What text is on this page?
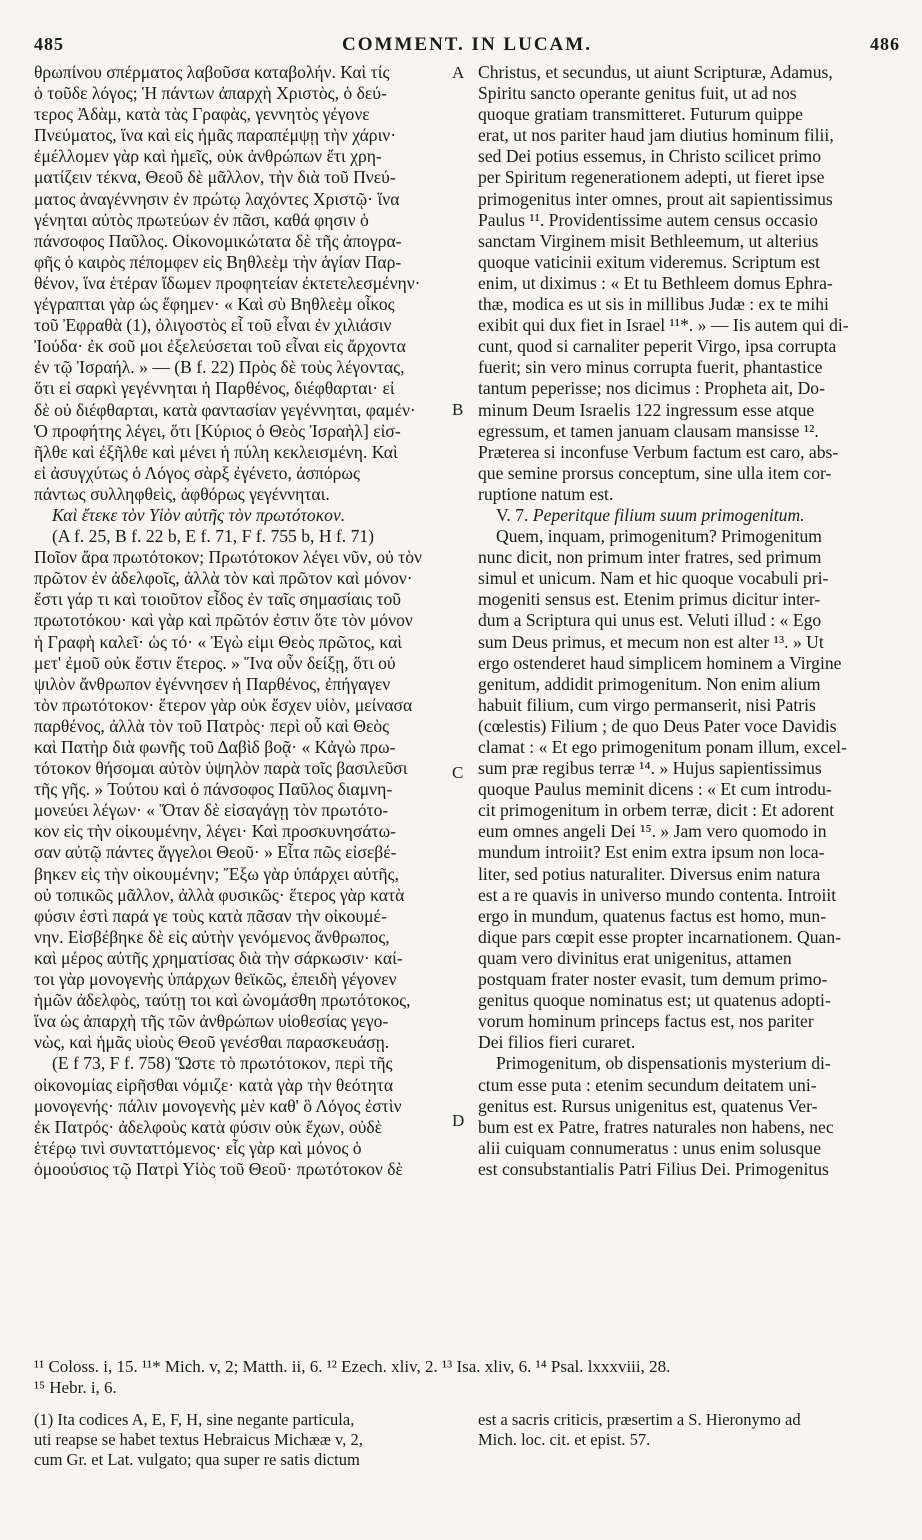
485	COMMENT. IN LUCAM.	486
θρωπίνου σπέρματος λαβοῦσα καταβολήν. Καὶ τίς
ὁ τοῦδε λόγος; Ἡ πάντων ἀπαρχὴ Χριστὸς, ὁ δεύ-
τερος Ἀδὰμ, κατὰ τὰς Γραφὰς, γεννητὸς γέγονε
Πνεύματος, ἵνα καὶ εἰς ἡμᾶς παραπέμψῃ τὴν χάριν·
ἐμέλλομεν γὰρ καὶ ἡμεῖς, οὐκ ἀνθρώπων ἔτι χρη-
ματίζειν τέκνα, Θεοῦ δὲ μᾶλλον, τὴν διὰ τοῦ Πνεύ-
ματος ἀναγέννησιν ἐν πρώτῳ λαχόντες Χριστῷ· ἵνα
γένηται αὐτὸς πρωτεύων ἐν πᾶσι, καθά φησιν ὁ
πάνσοφος Παῦλος. Οἰκονομικώτατα δὲ τῆς ἀπογρα-
φῆς ὁ καιρὸς πέπομφεν εἰς Βηθλεὲμ τὴν ἁγίαν Παρ-
θένον, ἵνα ἑτέραν ἴδωμεν προφητείαν ἐκτετελεσμένην·
γέγραπται γὰρ ὡς ἔφημεν· « Καὶ σὺ Βηθλεὲμ οἶκος
τοῦ Ἐφραθὰ (1), ὀλιγοστὸς εἶ τοῦ εἶναι ἐν χιλιάσιν
Ἰούδα· ἐκ σοῦ μοι ἐξελεύσεται τοῦ εἶναι εἰς ἄρχοντα
ἐν τῷ Ἰσραήλ. » — (B f. 22) Πρὸς δὲ τοὺς λέγοντας,
ὅτι εἰ σαρκὶ γεγέννηται ἡ Παρθένος, διέφθαρται· εἰ
δὲ οὐ διέφθαρται, κατὰ φαντασίαν γεγέννηται, φαμέν·
Ὁ προφήτης λέγει, ὅτι [Κύριος ὁ Θεὸς Ἰσραὴλ] εἰσ-
ῆλθε καὶ ἐξῆλθε καὶ μένει ἡ πύλη κεκλεισμένη. Καὶ
εἰ ἀσυγχύτως ὁ Λόγος σὰρξ ἐγένετο, ἀσπόρως
πάντως συλληφθεὶς, ἀφθόρως γεγέννηται.
Καὶ ἔτεκε τὸν Υἱὸν αὐτῆς τὸν πρωτότοκον.
(A f. 25, B f. 22 b, E f. 71, F f. 755 b, H f. 71)
Ποῖον ἄρα πρωτότοκον; Πρωτότοκον λέγει νῦν, οὐ τὸν
πρῶτον ἐν ἀδελφοῖς, ἀλλὰ τὸν καὶ πρῶτον καὶ μόνον·
ἔστι γάρ τι καὶ τοιοῦτον εἶδος ἐν ταῖς σημασίαις τοῦ
πρωτοτόκου· καὶ γὰρ καὶ πρῶτόν ἐστιν ὅτε τὸν μόνον
ἡ Γραφὴ καλεῖ· ὡς τό· « Ἐγὼ εἰμι Θεὸς πρῶτος, καὶ
μετ' ἐμοῦ οὐκ ἔστιν ἕτερος. » Ἵνα οὖν δείξῃ, ὅτι οὐ
ψιλὸν ἄνθρωπον ἐγέννησεν ἡ Παρθένος, ἐπήγαγεν
τὸν πρωτότοκον· ἕτερον γὰρ οὐκ ἔσχεν υἱὸν, μείνασα
παρθένος, ἀλλὰ τὸν τοῦ Πατρὸς· περὶ οὗ καὶ Θεὸς
καὶ Πατὴρ διὰ φωνῆς τοῦ Δαβὶδ βοᾷ· « Κἀγὼ πρω-
τότοκον θήσομαι αὐτὸν ὑψηλὸν παρὰ τοῖς βασιλεῦσι
τῆς γῆς. » Τούτου καὶ ὁ πάνσοφος Παῦλος διαμνη-
μονεύει λέγων· « Ὅταν δὲ εἰσαγάγῃ τὸν πρωτότο-
κον εἰς τὴν οἰκουμένην, λέγει· Καὶ προσκυνησάτω-
σαν αὐτῷ πάντες ἄγγελοι Θεοῦ· » Εἶτα πῶς εἰσεβέ-
βηκεν εἰς τὴν οἰκουμένην; Ἔξω γὰρ ὑπάρχει αὐτῆς,
οὐ τοπικῶς μᾶλλον, ἀλλὰ φυσικῶς· ἕτερος γὰρ κατὰ
φύσιν ἐστὶ παρά γε τοὺς κατὰ πᾶσαν τὴν οἰκουμέ-
νην. Εἰσβέβηκε δὲ εἰς αὐτὴν γενόμενος ἄνθρωπος,
καὶ μέρος αὐτῆς χρηματίσας διὰ τὴν σάρκωσιν· καί-
τοι γὰρ μονογενὴς ὑπάρχων θεϊκῶς, ἐπειδὴ γέγονεν
ἡμῶν ἀδελφὸς, ταύτῃ τοι καὶ ὠνομάσθη πρωτότοκος,
ἵνα ὡς ἀπαρχὴ τῆς τῶν ἀνθρώπων υἱοθεσίας γεγο-
νὼς, καὶ ἡμᾶς υἱοὺς Θεοῦ γενέσθαι παρασκευάσῃ.
(E f 73, F f. 758) Ὥστε τὸ πρωτότοκον, περὶ τῆς
οἰκονομίας εἰρῆσθαι νόμιζε· κατὰ γὰρ τὴν θεότητα
μονογενής· πάλιν μονογενὴς μὲν καθ' ὃ Λόγος ἐστὶν
ἐκ Πατρός· ἀδελφοὺς κατὰ φύσιν οὐκ ἔχων, οὐδὲ
ἑτέρῳ τινὶ συνταττόμενος· εἷς γὰρ καὶ μόνος ὁ
ὁμοούσιος τῷ Πατρὶ Υἱὸς τοῦ Θεοῦ· πρωτότοκον δὲ
Christus, et secundus, ut aiunt Scripturæ, Adamus,
Spiritu sancto operante genitus fuit, ut ad nos
quoque gratiam transmitteret. Futurum quippe
erat, ut nos pariter haud jam diutius hominum filii,
sed Dei potius essemus, in Christo scilicet primo
per Spiritum regenerationem adepti, ut fieret ipse
primogenitus inter omnes, prout ait sapientissimus
Paulus ¹¹. Providentissime autem census occasio
sanctam Virginem misit Bethleemum, ut alterius
quoque vaticinii exitum videremus. Scriptum est
enim, ut diximus : « Et tu Bethleem domus Ephra-
thæ, modica es ut sis in millibus Judæ : ex te mihi
exibit qui dux fiet in Israel ¹¹*. » — Iis autem qui di-
cunt, quod si carnaliter peperit Virgo, ipsa corrupta
fuerit; sin vero minus corrupta fuerit, phantastice
tantum peperisse; nos dicimus : Propheta ait, Do-
minum Deum Israelis 122 ingressum esse atque
egressum, et tamen januam clausam mansisse ¹².
Præterea si inconfuse Verbum factum est caro, abs-
que semine prorsus conceptum, sine ulla item cor-
ruptione natum est.
V. 7. Peperitque filium suum primogenitum.
Quem, inquam, primogenitum? Primogenitum
nunc dicit, non primum inter fratres, sed primum
simul et unicum. Nam et hic quoque vocabuli pri-
mogeniti sensus est. Etenim primus dicitur inter-
dum a Scriptura qui unus est. Veluti illud : « Ego
sum Deus primus, et mecum non est alter ¹³. » Ut
ergo ostenderet haud simplicem hominem a Virgine
genitum, addidit primogenitum. Non enim alium
habuit filium, cum virgo permanserit, nisi Patris
(cœlestis) Filium ; de quo Deus Pater voce Davidis
clamat : « Et ego primogenitum ponam illum, excel-
sum præ regibus terræ ¹⁴. » Hujus sapientissimus
quoque Paulus meminit dicens : « Et cum introdu-
cit primogenitum in orbem terræ, dicit : Et adorent
eum omnes angeli Dei ¹⁵. » Jam vero quomodo in
mundum introiit? Est enim extra ipsum non loca-
liter, sed potius naturaliter. Diversus enim natura
est a re quavis in universo mundo contenta. Introiit
ergo in mundum, quatenus factus est homo, mun-
dique pars cœpit esse propter incarnationem. Quan-
quam vero divinitus erat unigenitus, attamen
postquam frater noster evasit, tum demum primo-
genitus quoque nominatus est; ut quatenus adopti-
vorum hominum princeps factus est, nos pariter
Dei filios fieri curaret.
Primogenitum, ob dispensationis mysterium di-
ctum esse puta : etenim secundum deitatem uni-
genitus est. Rursus unigenitus est, quatenus Ver-
bum est ex Patre, fratres naturales non habens, nec
alii cuiquam connumeratus : unus enim solusque
est consubstantialis Patri Filius Dei. Primogenitus
A
B
C
D
¹¹ Coloss. i, 15. ¹¹* Mich. v, 2; Matth. ii, 6. ¹² Ezech. xliv, 2. ¹³ Isa. xliv, 6. ¹⁴ Psal. lxxxviii, 28.
¹⁵ Hebr. i, 6.
(1) Ita codices A, E, F, H, sine negante particula,
uti reapse se habet textus Hebraicus Michææ v, 2,
cum Gr. et Lat. vulgato; qua super re satis dictum
est a sacris criticis, præsertim a S. Hieronymo ad
Mich. loc. cit. et epist. 57.
